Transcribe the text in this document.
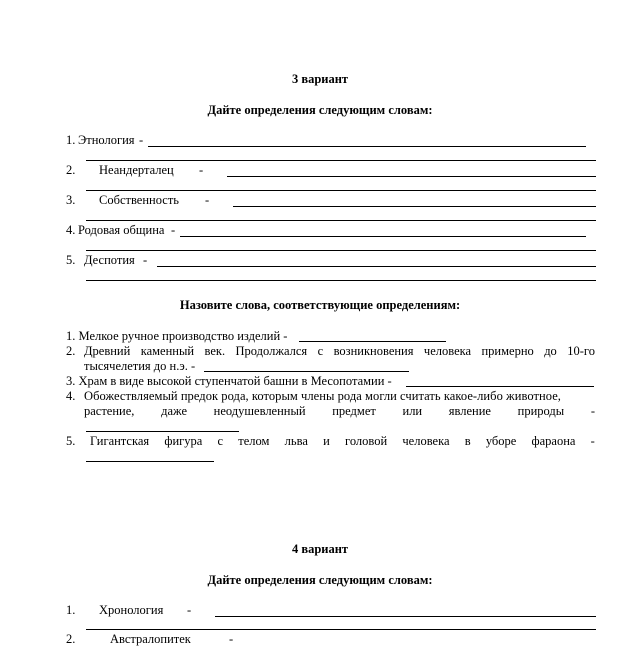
3 вариант
Дайте определения следующим словам:
1. Этнология -
2. Неандерталец -
3. Собственность -
4. Родовая община -
5. Деспотия -
Назовите слова, соответствующие определениям:
1. Мелкое ручное производство изделий -
2. Древний каменный век. Продолжался с возникновения человека примерно до 10-го
тысячелетия до н.э. -
3. Храм в виде высокой ступенчатой башни в Месопотамии -
4. Обожествляемый предок рода, которым члены рода могли считать какое-либо животное,
растение, даже неодушевленный предмет или явление природы -
5. Гигантская фигура с телом льва и головой человека в уборе фараона -
4 вариант
Дайте определения следующим словам:
1. Хронология -
2.	Австралопитек	-
